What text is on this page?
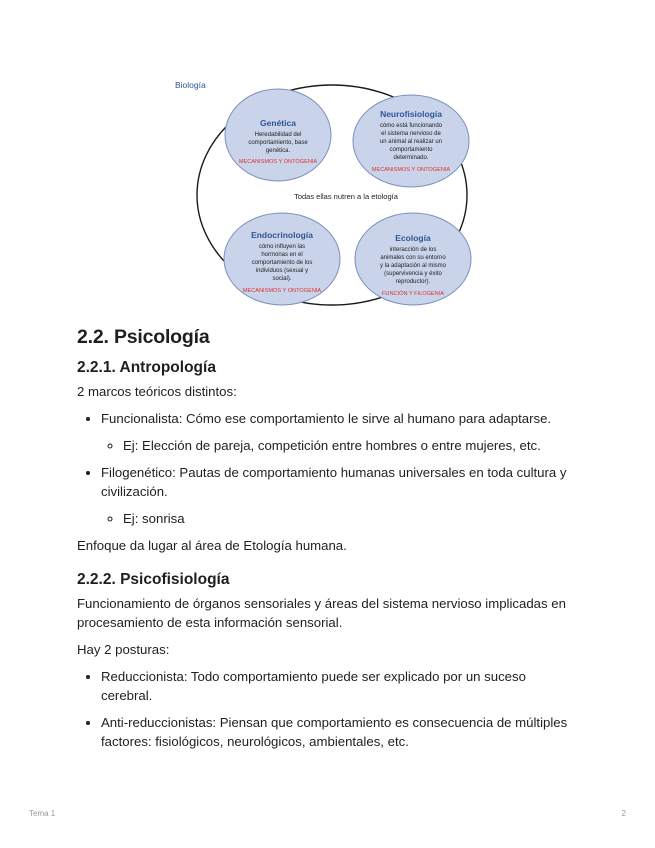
Biología
Genética
Heredabilidad del
comportamiento, base
genética.
MECANISMOS Y ONTOGENIA
Neurofisiología
cómo está funcionando
el sistema nervioso de
un animal al realizar un
comportamiento
determinado.
MECANISMOS Y ONTOGENIA
Todas ellas nutren a la etología
Endocrinología
cómo influyen las
hormonas en el
comportamiento de los
individuos (sexual y
social).
MECANISMOS Y ONTOGENIA
Ecología
interacción de los
animales con su entorno
y la adaptación al mismo
(supervivencia y éxito
reproductor).
FUNCIÓN Y FILOGENIA
2.2. Psicología
2.2.1. Antropología

2 marcos teóricos distintos:

• Funcionalista: Cómo ese comportamiento le sirve al humano para adaptarse.
◦ Ej: Elección de pareja, competición entre hombres o entre mujeres, etc.
• Filogenético: Pautas de comportamiento humanas universales en toda cultura y civilización.
◦ Ej: sonrisa

Enfoque da lugar al área de Etología humana.

2.2.2. Psicofisiología

Funcionamiento de órganos sensoriales y áreas del sistema nervioso implicadas en procesamiento de esta información sensorial.

Hay 2 posturas:

• Reduccionista: Todo comportamiento puede ser explicado por un suceso cerebral.
• Anti-reduccionistas: Piensan que comportamiento es consecuencia de múltiples factores: fisiológicos, neurológicos, ambientales, etc.
Tema 1	2
